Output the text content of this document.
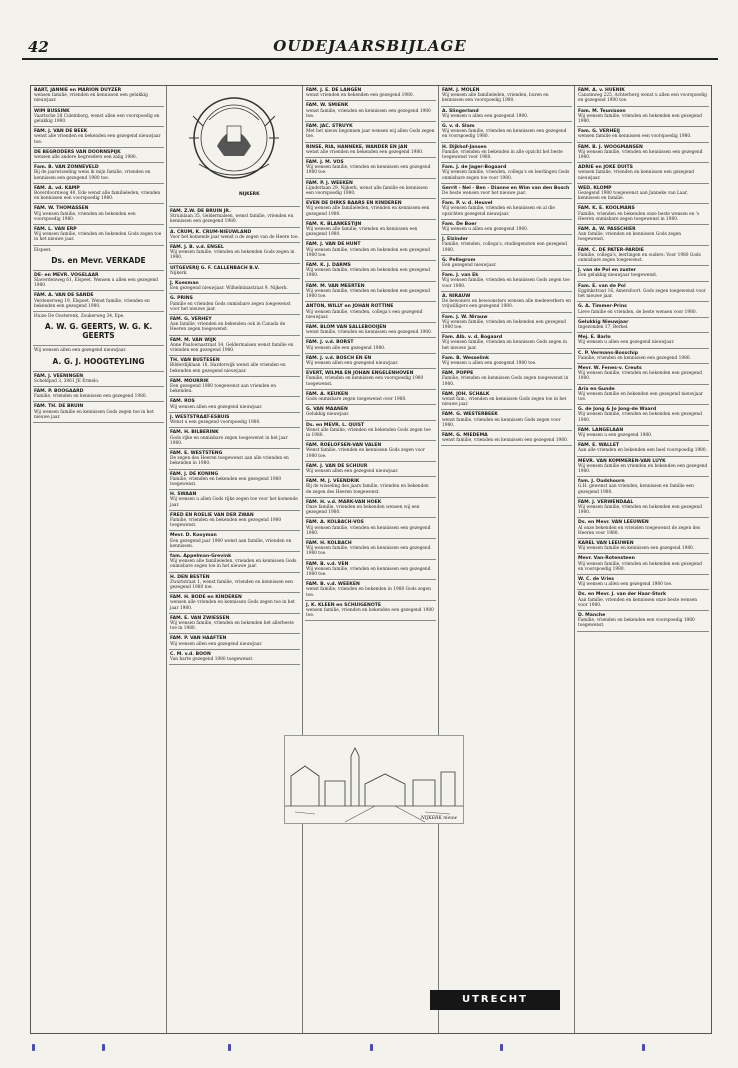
42	OUDEJAARSBIJLAGE
BART, JANNIE en MARION DUYZER
wensen familie, vrienden en kennissen een gelukkig nieuwjaar.
WIM BUSSINK
Vaartsche 28 Culemborg, wenst allen een voorspoedig en gelukkig 1980.
FAM. J. VAN DE BEEK
wenst alle vrienden en bekenden een gezegend nieuwjaar toe.
DE BEGRODERS VAN DOORNSPIJK
wensen alle andere begroeders een zalig 1980.
Fam. B. VAN ZONNEVELD
Bij de jaarwisseling wens ik mijn familie, vrienden en kennissen een gezegend 1980 toe.
FAM. A. vd. KAMP
Boverdoornweg 40, Ede wenst alle familieleden, vrienden en kennissen een voorspoedig 1980.
FAM. W. THOMASSEN
Wij wensen familie, vrienden en bekenden een voorspoedig 1980.
FAM. L. VAN ERP
Wij wensen familie, vrienden en bekenden Gods zegen toe in het nieuwe jaar.
Elspeet.
Ds. en Mevr. VERKADE
DE- en MEVR. VOGELAAR
Slaverdenweg 61, Elspeet. Wensen u allen een gezegend 1980.
FAM. A. VAN DE SANDE
Verdenerweg 19, Elspeet. Wenst familie, vrienden en bekenden een gezegend 1980.
Huize De Oosterenk, Zoukerweg 34, Epe.
A. W. G. GEERTS, W. G. K. GEERTS
Wij wensen allen een gezegend nieuwjaar.
A. G. J. HOOGTEYLING
FAM. J. VEENINGEN
Scheldpad 3, 3861 JE Ermelo.
FAM. P. BOOGAARD
Familie, vrienden en kennissen een gezegend 1980.
FAM. TH. DE BRUIN
Wij wensen familie en kennissen Gods zegen toe in het nieuwe jaar.
NIJKERK
FAM. Z.W. DE BRUIN JR.
Struinlaan 35, Geldermalsen, wenst familie, vrienden en kennissen een gezegend 1980.
A. CRUM, K. CRUM-NIEUWLAND
Voor het komende jaar wenst u de zegen van de Heere toe.
FAM. J. B. v.d. ENGEL
Wij wensen familie, vrienden en bekenden Gods zegen in 1980.
UITGEVERIJ G. F. CALLENBACH B.V.
Nijkerk.
J. Koesman
Een gezegend nieuwjaar. Wilhelminastraat 9, Nijkerk.
G. PRINS
Familie en vrienden Gods onmisbare zegen toegewenst voor het nieuwe jaar.
FAM. G. VERHEY
Aan familie, vrienden en bekenden ook in Canada de Heeren zegen toegewenst.
FAM. M. VAN WIJK
Anne Paulownastraat 34, Geldermalsen wenst familie en vrienden een gezegend 1980.
TH. VAN BUSTESEN
Bilderdijklaan 16, Harderwijk wenst alle vrienden en bekenden een gezegend nieuwjaar.
FAM. MOURRIK
Een gezegend 1980 toegewenst aan vrienden en bekenden.
FAM. ROS
Wij wensen allen een gezegend nieuwjaar.
J. WESTSTRAAT-ESBUIS
Wenst u een gezegend voorspoedig 1980.
FAM. H. BILBERINK
Gods rijke en onmisbare zegen toegewenst in het jaar 1980.
FAM. E. WESTSTENG
De zegen des Heeren toegewenst aan alle vrienden en bekenden in 1980.
FAM. J. DE KONING
Familie, vrienden en bekenden een gezegend 1980 toegewenst.
H. SWAAN
Wij wensen u allen Gods rijke zegen toe voor het komende jaar.
FRED EN ROELIE VAN DER ZWAN
Familie, vrienden en bekenden een gezegend 1980 toegewenst.
Mevr. D. Kooyman
Een gezegend jaar 1980 wenst aan familie, vrienden en kennissen.
fam. Appelman-Grevink
Wij wensen alle familieleden, vrienden en kennissen Gods onmisbare zegen toe in het nieuwe jaar.
H. DEN BESTEN
Zwartstraat 1, wenst familie, vrienden en kennissen een gezegend 1980 toe.
FAM. H. BODE en KINDEREN
wensen alle vrienden en kennissen Gods zegen toe in het jaar 1980.
FAM. E. VAN ZWIESSEN
Wij wensen familie, vrienden en bekenden het allerbeste toe in 1980.
FAM. P. VAN HAAFTEN
Wij wensen allen een gezegend nieuwjaar.
C. M. v.d. BOON
Van harte gezegend 1980 toegewenst.
FAM. J. E. DE LANGEN
wenst vrienden en bekenden een gezegend 1980.
FAM. W. SMIENK
wenst familie, vrienden en kennissen een gezegend 1980 toe.
FAM. JAC. STRUYK
Met het nieuw begonnen jaar wensen wij allen Gods zegen toe.
RINSE, RIA, HANNEKE, WANDER EN JAN
wenst alle vrienden en bekenden een gezegend 1980.
FAM. J. M. VOS
Wij wensen familie, vrienden en kennissen een gezegend 1980 toe.
FAM. P. J. WEEKEN
Lijnderlaan 29, Nijkerk, wenst alle familie en kennissen een voorspoedig 1980.
EVEN DE DIRKS BAARS EN KINDEREN
Wij wensen alle familieleden, vrienden en kennissen een gezegend 1980.
FAM. K. BLANKESTIJN
Wij wensen alle familie, vrienden en kennissen een gezegend 1980.
FAM. J. VAN DE HUNT
Wij wensen familie, vrienden en bekenden een gezegend 1980 toe.
FAM. K. J. DARMS
Wij wensen familie, vrienden en bekenden een gezegend 1980.
FAM. M. VAN MEERTEN
Wij wensen familie, vrienden en bekenden een gezegend 1980 toe.
ANTON, WILLY en JOHAN ROTTINE
Wij wensen familie, vrienden, collega's een gezegend nieuwjaar.
FAM. BLOM VAN SALLEBOOIJEN
wenst familie, vrienden en kennissen een gezegend 1980.
FAM. J. v.d. BORST
Wij wensen alle een gezegend 1980.
FAM. J. v.d. BOSCH EN EN
Wij wensen allen een gezegend nieuwjaar.
EVERT, WILMA EN JOHAN ENGELENHOVEN
Familie, vrienden en kennissen een voorspoedig 1980 toegewenst.
FAM. A. KEUKEN
Gods onmisbare zegen toegewenst over 1980.
G. VAN MAANEN
Gelukkig nieuwjaar.
Ds. en MEVR. L. QUIST
Wenst alle familie, vrienden en bekenden Gods zegen toe in 1980.
FAM. ROELOFSEN-VAN VALEN
Wenst familie, vrienden en kennissen Gods zegen voor 1980 toe.
FAM. J. VAN DE SCHUUR
Wij wensen allen een gezegend nieuwjaar.
FAM. M. J. VEENDRIK
Bij de wisseling des jaars familie, vrienden en bekenden de zegen des Heeren toegewenst.
FAM. H. v.d. MARK-VAN HOEK
Onze familie, vrienden en bekenden wensen wij een gezegend 1980.
FAM. A. KOLBACH-VOS
Wij wensen familie, vrienden en kennissen een gezegend 1980.
FAM. H. KOLBACH
Wij wensen familie, vrienden en kennissen een gezegend 1980 toe.
FAM. B. v.d. VEN
Wij wensen familie, vrienden en kennissen een gezegend 1980 toe.
FAM. B. v.d. WEEKEN
wenst familie, vrienden en bekenden in 1980 Gods zegen toe.
J. K. KLEEN en SCHUIGENOTE
wensen familie, vrienden en bekenden een gezegend 1980 toe.
FAM. J. MOLEN
Wij wensen alle familieleden, vrienden, buren en kennissen een voorspoedig 1980.
A. Slingerland
Wij wensen u allen een gezegend 1980.
G. v. d. Slam
Wij wensen familie, vrienden en kennissen een gezegend en voorspoedig 1980.
H. Dijkhof-Jansen
Familie, vrienden en bekenden in alle opzicht het beste toegewenst voor 1980.
Fam. J. de Jager-Bogaard
Wij wensen familie, vrienden, collega's en leerlingen Gods onmisbare zegen toe voor 1980.
Gerrit - Nel - Ben - Dianne en Wim van den Bosch
De beste wensen voor het nieuwe jaar.
Fam. P. v. d. Heuvel
Wij wensen familie, vrienden en kennissen en al die opzichten gezegend nieuwjaar.
Fam. De Boer
Wij wensen u allen een gezegend 1980.
J. Elzinder
Familie, vrienden, collega's, studiegenoten een gezegend 1980.
G. Pellegrom
Een gezegend nieuwjaar.
Fam. J. van Ek
Wij wensen familie, vrienden en kennissen Gods zegen toe voor 1980.
A. NIRAUW
De bewoners en bewoonsters wensen alle medewerkers en vrijwilligers een gezegend 1980.
Fam. J. W. Nirauw
Wij wensen familie, vrienden en bekenden een gezegend 1980 toe.
Fam. Alb. v. d. Bogaard
Wij wensen familie, vrienden en kennissen Gods zegen in het nieuwe jaar.
Fam. B. Wesselink
Wij wensen u allen een gezegend 1980 toe.
FAM. POPPE
Familie, vrienden en kennissen Gods zegen toegewenst in 1980.
FAM. JOH. SCHALK
wenst fam., vrienden en kennissen Gods zegen toe in het nieuwe jaar.
FAM. G. WESTERBEEK
wenst familie, vrienden en kennissen Gods zegen voor 1980.
FAM. G. MIEDEMA
wenst familie, vrienden en kennissen een gezegend 1980.
FAM. A. v. HUENIK
Canomweg 225, Achterberg wenst u allen een voorspoedig en gezegend 1980 toe.
Fam. M. Teunissen
Wij wensen familie, vrienden en bekenden een gezegend 1980.
Fam. G. VERHEIJ
wensen familie en kennissen een voorspoedig 1980.
FAM. B. J. WOOGMANSEN
Wij wensen familie, vrienden en kennissen een gezegend 1980.
ADRIE en JOKE DUITS
wensen familie, vrienden en kennissen een gezegend nieuwjaar.
WED. KLOMP
Gezegend 1980 toegewenst aan Janneke van Laar, kennissen en familie.
FAM. K. E. KOOLMANS
Familie, vrienden en bekenden onze beste wensen en 's Heeren onmisbare zegen toegewenst in 1980.
FAM. A. W. PASSCHIER
Aan familie, vrienden en kennissen Gods zegen toegewenst.
FAM. C. DE PATER-PARDIE
Familie, collega's, leerlingen en ouders: Voor 1980 Gods onmisbare zegen toegewenst.
J. van de Pol en zuster
Een gelukkig nieuwjaar toegewenst.
Fam. E. van de Pol
Egginkstraat 16, Amersfoort. Gods zegen toegewenst voor het nieuwe jaar.
G. A. Timmer-Prins
Lieve familie en vrienden, de beste wensen voor 1980.
Gelukkig Nieuwjaar
Ingezonden 17, Berkel.
Mej. E. Barlo
Wij wensen u allen een gezegend nieuwjaar.
C. P. Vermans-Bosschip
Familie, vrienden en kennissen een gezegend 1980.
Mevr. W. Fenes-v. Creuts
Wij wensen familie, vrienden en bekenden een gezegend 1980.
Aria en Gunde
Wij wensen familie en bekenden een gezegend nieuwjaar toe.
G. de Jong & Jo Jong-de Waard
Wij wensen familie, vrienden en bekenden een gezegend 1980.
FAM. LANGELAAN
Wij wensen u een gezegend 1980.
FAM. E. WALLET
Aan alle vrienden en bekenden een heel voorspoedig 1980.
MEVR. VAN KOMMEREN-VAN LUYK
Wij wensen familie en vrienden en bekenden een gezegend 1980.
fam. J. Oudshoorn
G.H. gewenst aan vrienden, kennissen en familie een gezegend 1980.
FAM. J. VERWENDAAL
Wij wensen familie, vrienden en bekenden een gezegend 1980.
Ds. en Mevr. VAN LEEUWEN
Al onze bekenden en vrienden toegewenst de zegen des Heeren voor 1980.
KAREL VAN LEEUWEN
Wij wensen familie en kennissen een gezegend 1980.
Mevr. Van-Rotensteen
Wij wensen familie, vrienden en bekenden een gezegend en voorspoedig 1980.
W. C. de Vries
Wij wensen u allen een gezegend 1980 toe.
Ds. en Mevr. J. van der Haar-Stork
Aan familie, vrienden en kennissen onze beste wensen voor 1980.
D. Manche
Familie, vrienden en bekenden een voorspoedig 1980 toegewenst.
NIJKERK nieuw
UTRECHT
